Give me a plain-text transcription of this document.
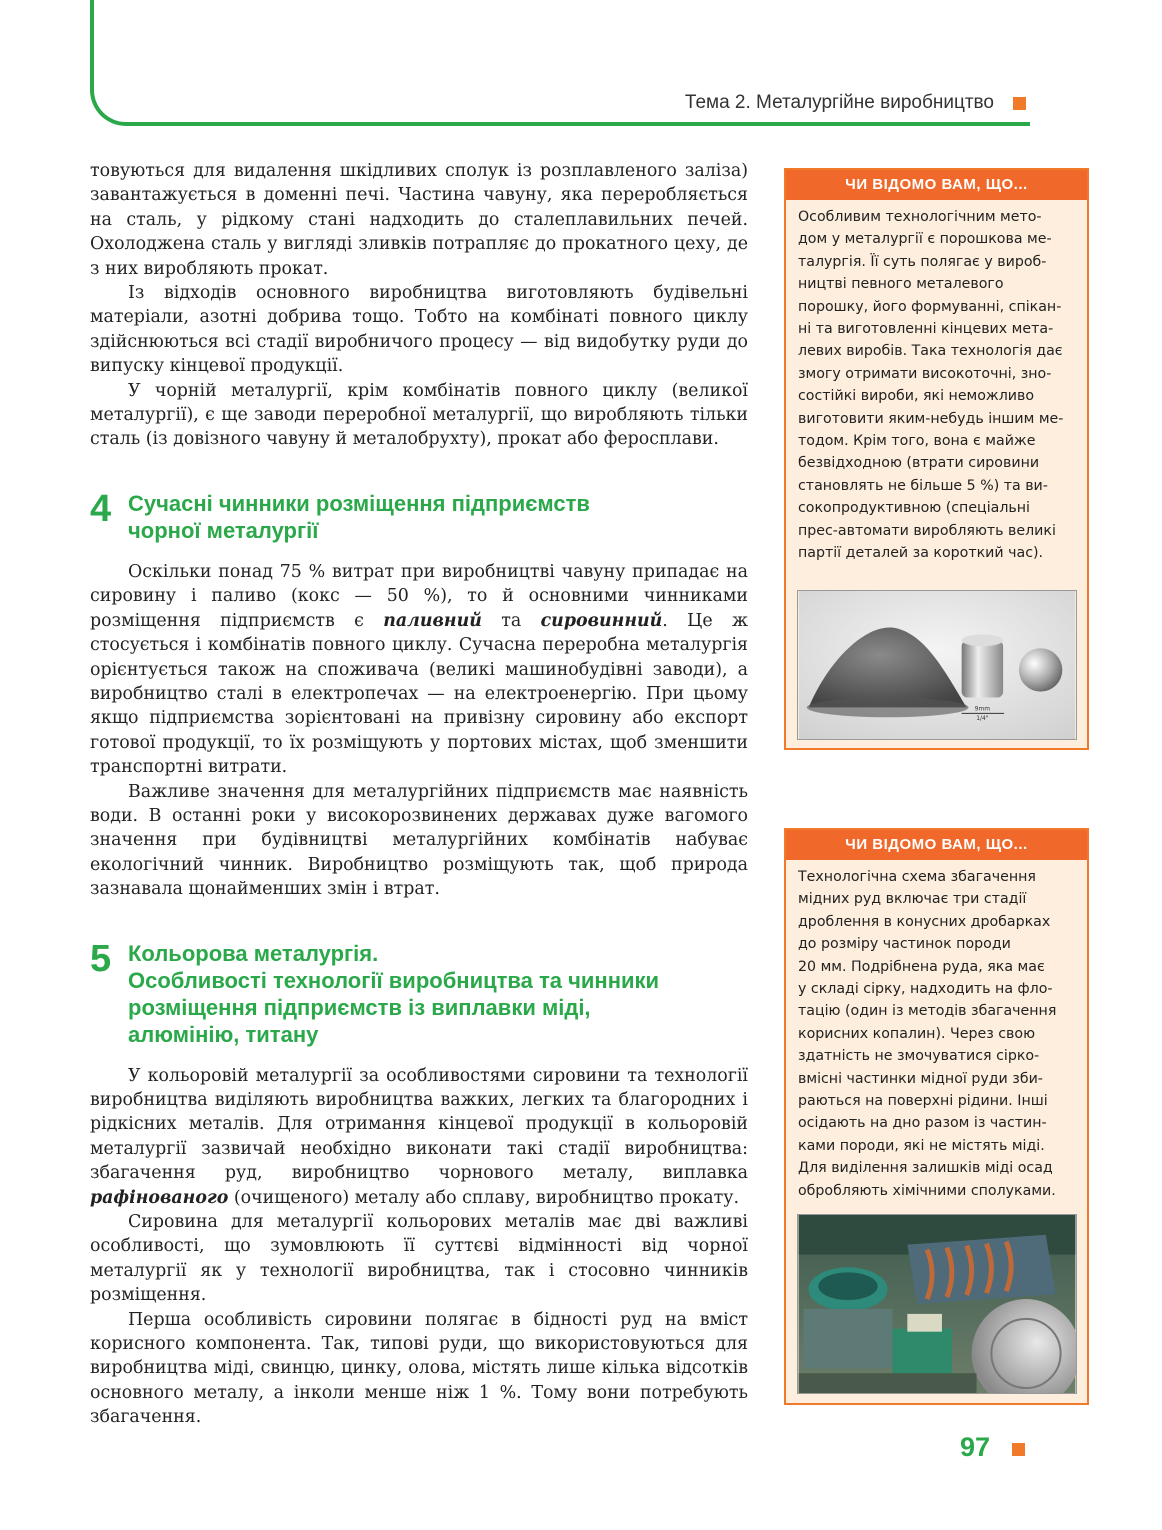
Тема 2. Металургійне виробництво

товуються для видалення шкідливих сполук із розплавленого заліза) завантажується в доменні печі. Частина чавуну, яка переробляється на сталь, у рідкому стані надходить до сталеплавильних печей. Охолоджена сталь у вигляді зливків потрапляє до прокатного цеху, де з них виробляють прокат.

Із відходів основного виробництва виготовляють будівельні матеріали, азотні добрива тощо. Тобто на комбінаті повного циклу здійснюються всі стадії виробничого процесу — від видобутку руди до випуску кінцевої продукції.

У чорній металургії, крім комбінатів повного циклу (великої металургії), є ще заводи переробної металургії, що виробляють тільки сталь (із довізного чавуну й металобрухту), прокат або феросплави.

4 Сучасні чинники розміщення підприємств
чорної металургії

Оскільки понад 75 % витрат при виробництві чавуну припадає на сировину і паливо (кокс — 50 %), то й основними чинниками розміщення підприємств є паливний та сировинний. Це ж стосується і комбінатів повного циклу. Сучасна переробна металургія орієнтується також на споживача (великі машинобудівні заводи), а виробництво сталі в електропечах — на електроенергію. При цьому якщо підприємства зорієнтовані на привізну сировину або експорт готової продукції, то їх розміщують у портових містах, щоб зменшити транспортні витрати.

Важливе значення для металургійних підприємств має наявність води. В останні роки у високорозвинених державах дуже вагомого значення при будівництві металургійних комбінатів набуває екологічний чинник. Виробництво розміщують так, щоб природа зазнавала щонайменших змін і втрат.

5 Кольорова металургія.
Особливості технології виробництва та чинники
розміщення підприємств із виплавки міді,
алюмінію, титану

У кольоровій металургії за особливостями сировини та технології виробництва виділяють виробництва важких, легких та благородних і рідкісних металів. Для отримання кінцевої продукції в кольоровій металургії зазвичай необхідно виконати такі стадії виробництва: збагачення руд, виробництво чорнового металу, виплавка рафінованого (очищеного) металу або сплаву, виробництво прокату.

Сировина для металургії кольорових металів має дві важливі особливості, що зумовлюють її суттєві відмінності від чорної металургії як у технології виробництва, так і стосовно чинників розміщення.

Перша особливість сировини полягає в бідності руд на вміст корисного компонента. Так, типові руди, що використовуються для виробництва міді, свинцю, цинку, олова, містять лише кілька відсотків основного металу, а інколи менше ніж 1 %. Тому вони потребують збагачення.

ЧИ ВІДОМО ВАМ, ЩО...
Особливим технологічним мето-
дом у металургії є порошкова ме-
талургія. Її суть полягає у вироб-
ництві певного металевого
порошку, його формуванні, спікан-
ні та виготовленні кінцевих мета-
левих виробів. Така технологія дає
змогу отримати високоточні, зно-
состійкі вироби, які неможливо
виготовити яким-небудь іншим ме-
тодом. Крім того, вона є майже
безвідходною (втрати сировини
становлять не більше 5 %) та ви-
сокопродуктивною (спеціальні
прес-автомати виробляють великі
партії деталей за короткий час).
9mm
1/4"
ЧИ ВІДОМО ВАМ, ЩО...
Технологічна схема збагачення
мідних руд включає три стадії
дроблення в конусних дробарках
до розміру частинок породи
20 мм. Подрібнена руда, яка має
у складі сірку, надходить на фло-
тацію (один із методів збагачення
корисних копалин). Через свою
здатність не змочуватися сірко-
вмісні частинки мідної руди зби-
раються на поверхні рідини. Інші
осідають на дно разом із частин-
ками породи, які не містять міді.
Для виділення залишків міді осад
обробляють хімічними сполуками.
97
